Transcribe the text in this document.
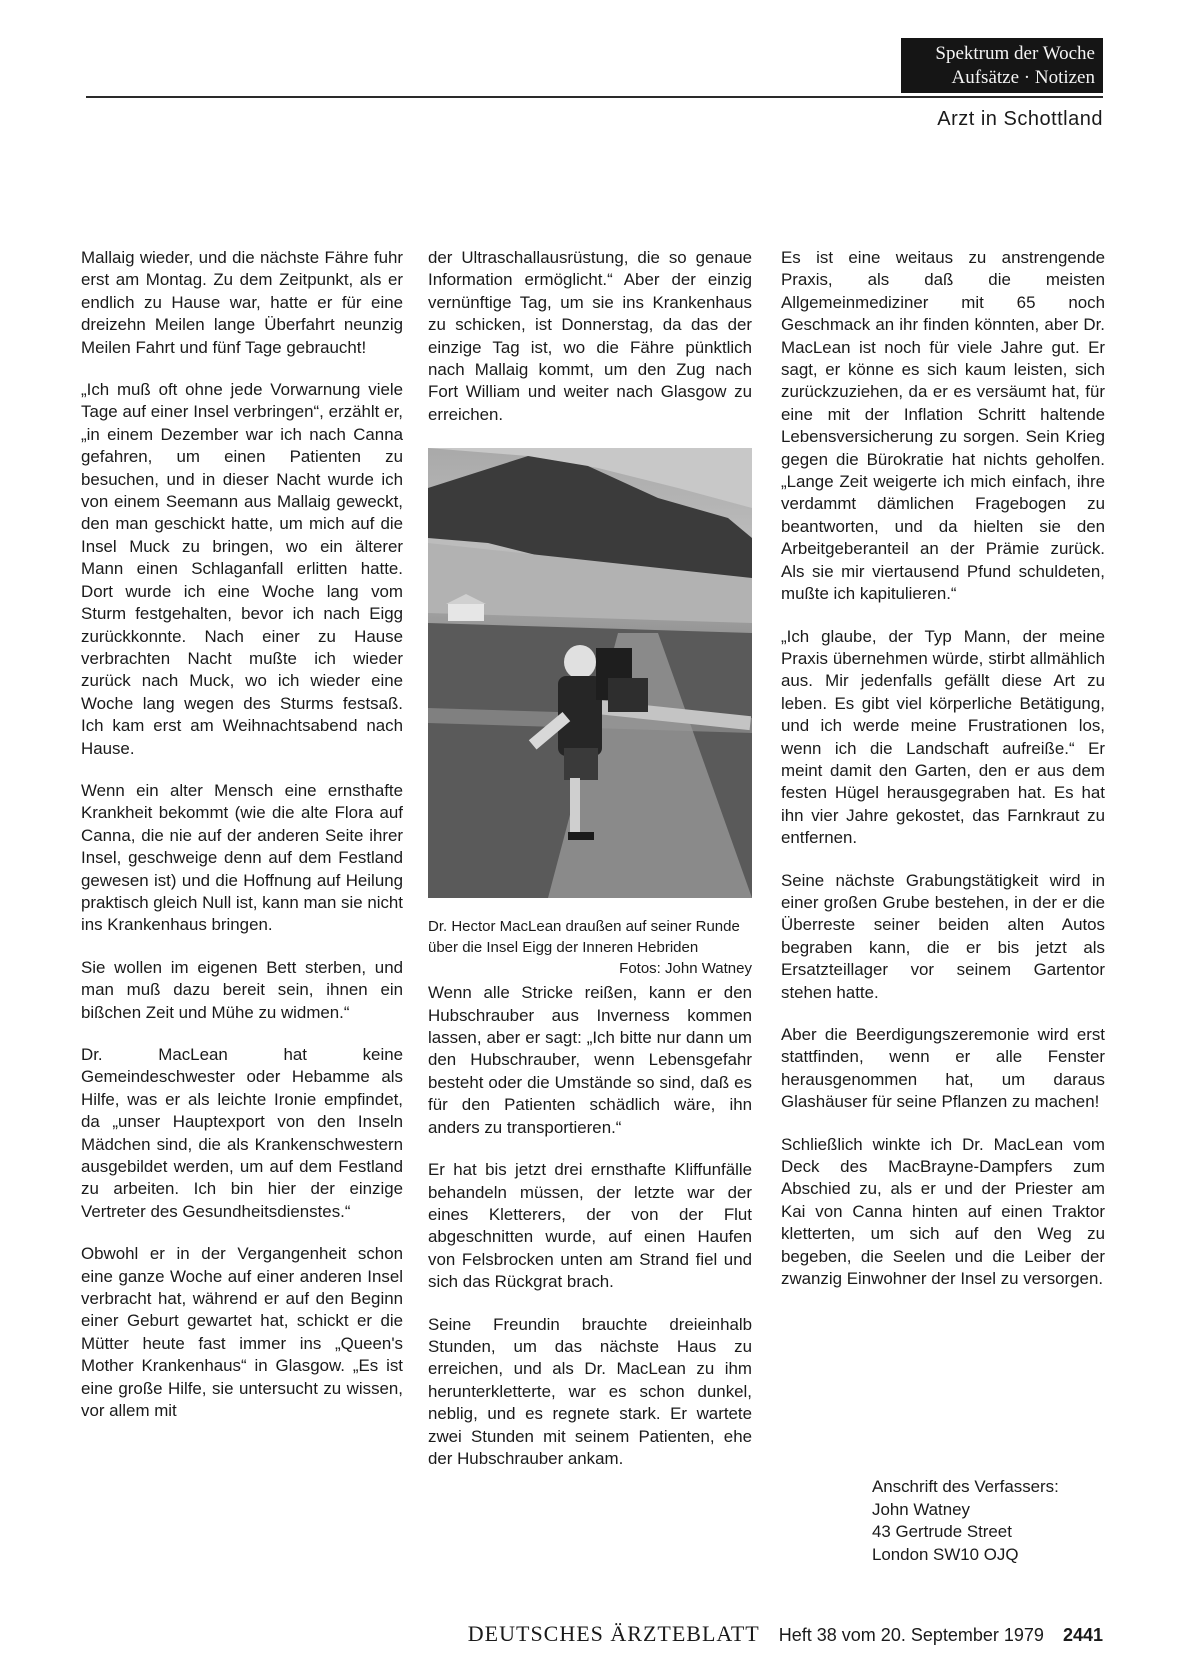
Spektrum der Woche
Aufsätze · Notizen
Arzt in Schottland

Mallaig wieder, und die nächste Fähre fuhr erst am Montag. Zu dem Zeitpunkt, als er endlich zu Hause war, hatte er für eine dreizehn Meilen lange Überfahrt neunzig Meilen Fahrt und fünf Tage gebraucht!

„Ich muß oft ohne jede Vorwarnung viele Tage auf einer Insel verbringen“, erzählt er, „in einem Dezember war ich nach Canna gefahren, um einen Patienten zu besuchen, und in dieser Nacht wurde ich von einem Seemann aus Mallaig geweckt, den man geschickt hatte, um mich auf die Insel Muck zu bringen, wo ein älterer Mann einen Schlaganfall erlitten hatte. Dort wurde ich eine Woche lang vom Sturm festgehalten, bevor ich nach Eigg zurückkonnte. Nach einer zu Hause verbrachten Nacht mußte ich wieder zurück nach Muck, wo ich wieder eine Woche lang wegen des Sturms festsaß. Ich kam erst am Weihnachtsabend nach Hause.

Wenn ein alter Mensch eine ernsthafte Krankheit bekommt (wie die alte Flora auf Canna, die nie auf der anderen Seite ihrer Insel, geschweige denn auf dem Festland gewesen ist) und die Hoffnung auf Heilung praktisch gleich Null ist, kann man sie nicht ins Krankenhaus bringen.

Sie wollen im eigenen Bett sterben, und man muß dazu bereit sein, ihnen ein bißchen Zeit und Mühe zu widmen.“

Dr. MacLean hat keine Gemeindeschwester oder Hebamme als Hilfe, was er als leichte Ironie empfindet, da „unser Hauptexport von den Inseln Mädchen sind, die als Krankenschwestern ausgebildet werden, um auf dem Festland zu arbeiten. Ich bin hier der einzige Vertreter des Gesundheitsdienstes.“

Obwohl er in der Vergangenheit schon eine ganze Woche auf einer anderen Insel verbracht hat, während er auf den Beginn einer Geburt gewartet hat, schickt er die Mütter heute fast immer ins „Queen's Mother Krankenhaus“ in Glasgow. „Es ist eine große Hilfe, sie untersucht zu wissen, vor allem mit

der Ultraschallausrüstung, die so genaue Information ermöglicht.“ Aber der einzig vernünftige Tag, um sie ins Krankenhaus zu schicken, ist Donnerstag, da das der einzige Tag ist, wo die Fähre pünktlich nach Mallaig kommt, um den Zug nach Fort William und weiter nach Glasgow zu erreichen.

Dr. Hector MacLean draußen auf seiner Runde über die Insel Eigg der Inneren Hebriden
Fotos: John Watney

Wenn alle Stricke reißen, kann er den Hubschrauber aus Inverness kommen lassen, aber er sagt: „Ich bitte nur dann um den Hubschrauber, wenn Lebensgefahr besteht oder die Umstände so sind, daß es für den Patienten schädlich wäre, ihn anders zu transportieren.“

Er hat bis jetzt drei ernsthafte Kliffunfälle behandeln müssen, der letzte war der eines Kletterers, der von der Flut abgeschnitten wurde, auf einen Haufen von Felsbrocken unten am Strand fiel und sich das Rückgrat brach.

Seine Freundin brauchte dreieinhalb Stunden, um das nächste Haus zu erreichen, und als Dr. MacLean zu ihm herunterkletterte, war es schon dunkel, neblig, und es regnete stark. Er wartete zwei Stunden mit seinem Patienten, ehe der Hubschrauber ankam.

Es ist eine weitaus zu anstrengende Praxis, als daß die meisten Allgemeinmediziner mit 65 noch Geschmack an ihr finden könnten, aber Dr. MacLean ist noch für viele Jahre gut. Er sagt, er könne es sich kaum leisten, sich zurückzuziehen, da er es versäumt hat, für eine mit der Inflation Schritt haltende Lebensversicherung zu sorgen. Sein Krieg gegen die Bürokratie hat nichts geholfen. „Lange Zeit weigerte ich mich einfach, ihre verdammt dämlichen Fragebogen zu beantworten, und da hielten sie den Arbeitgeberanteil an der Prämie zurück. Als sie mir viertausend Pfund schuldeten, mußte ich kapitulieren.“

„Ich glaube, der Typ Mann, der meine Praxis übernehmen würde, stirbt allmählich aus. Mir jedenfalls gefällt diese Art zu leben. Es gibt viel körperliche Betätigung, und ich werde meine Frustrationen los, wenn ich die Landschaft aufreiße.“ Er meint damit den Garten, den er aus dem festen Hügel herausgegraben hat. Es hat ihn vier Jahre gekostet, das Farnkraut zu entfernen.

Seine nächste Grabungstätigkeit wird in einer großen Grube bestehen, in der er die Überreste seiner beiden alten Autos begraben kann, die er bis jetzt als Ersatzteillager vor seinem Gartentor stehen hatte.

Aber die Beerdigungszeremonie wird erst stattfinden, wenn er alle Fenster herausgenommen hat, um daraus Glashäuser für seine Pflanzen zu machen!

Schließlich winkte ich Dr. MacLean vom Deck des MacBrayne-Dampfers zum Abschied zu, als er und der Priester am Kai von Canna hinten auf einen Traktor kletterten, um sich auf den Weg zu begeben, die Seelen und die Leiber der zwanzig Einwohner der Insel zu versorgen.

Anschrift des Verfassers:
John Watney
43 Gertrude Street
London SW10 OJQ
DEUTSCHES ÄRZTEBLATT Heft 38 vom 20. September 1979 2441
